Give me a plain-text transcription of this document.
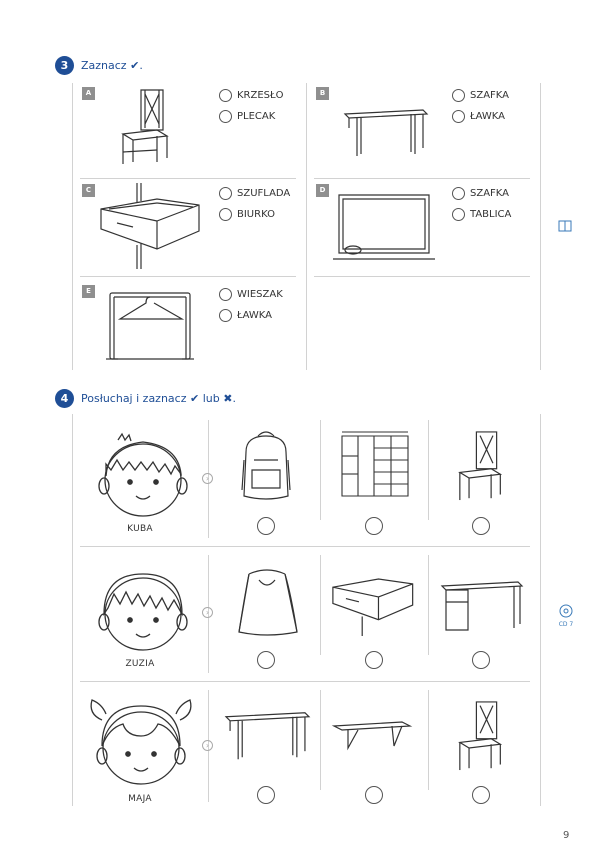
3	Zaznacz ✔.
A	KRZESŁO
PLECAK
B	SZAFKA
ŁAWKA
C	SZUFLADA
BIURKO
D	SZAFKA
TABLICA
E	WIESZAK
ŁAWKA
4	Posłuchaj i zaznacz ✔ lub ✖.
KUBA
›
ZUZIA
›
MAJA
›
CD 7
9
